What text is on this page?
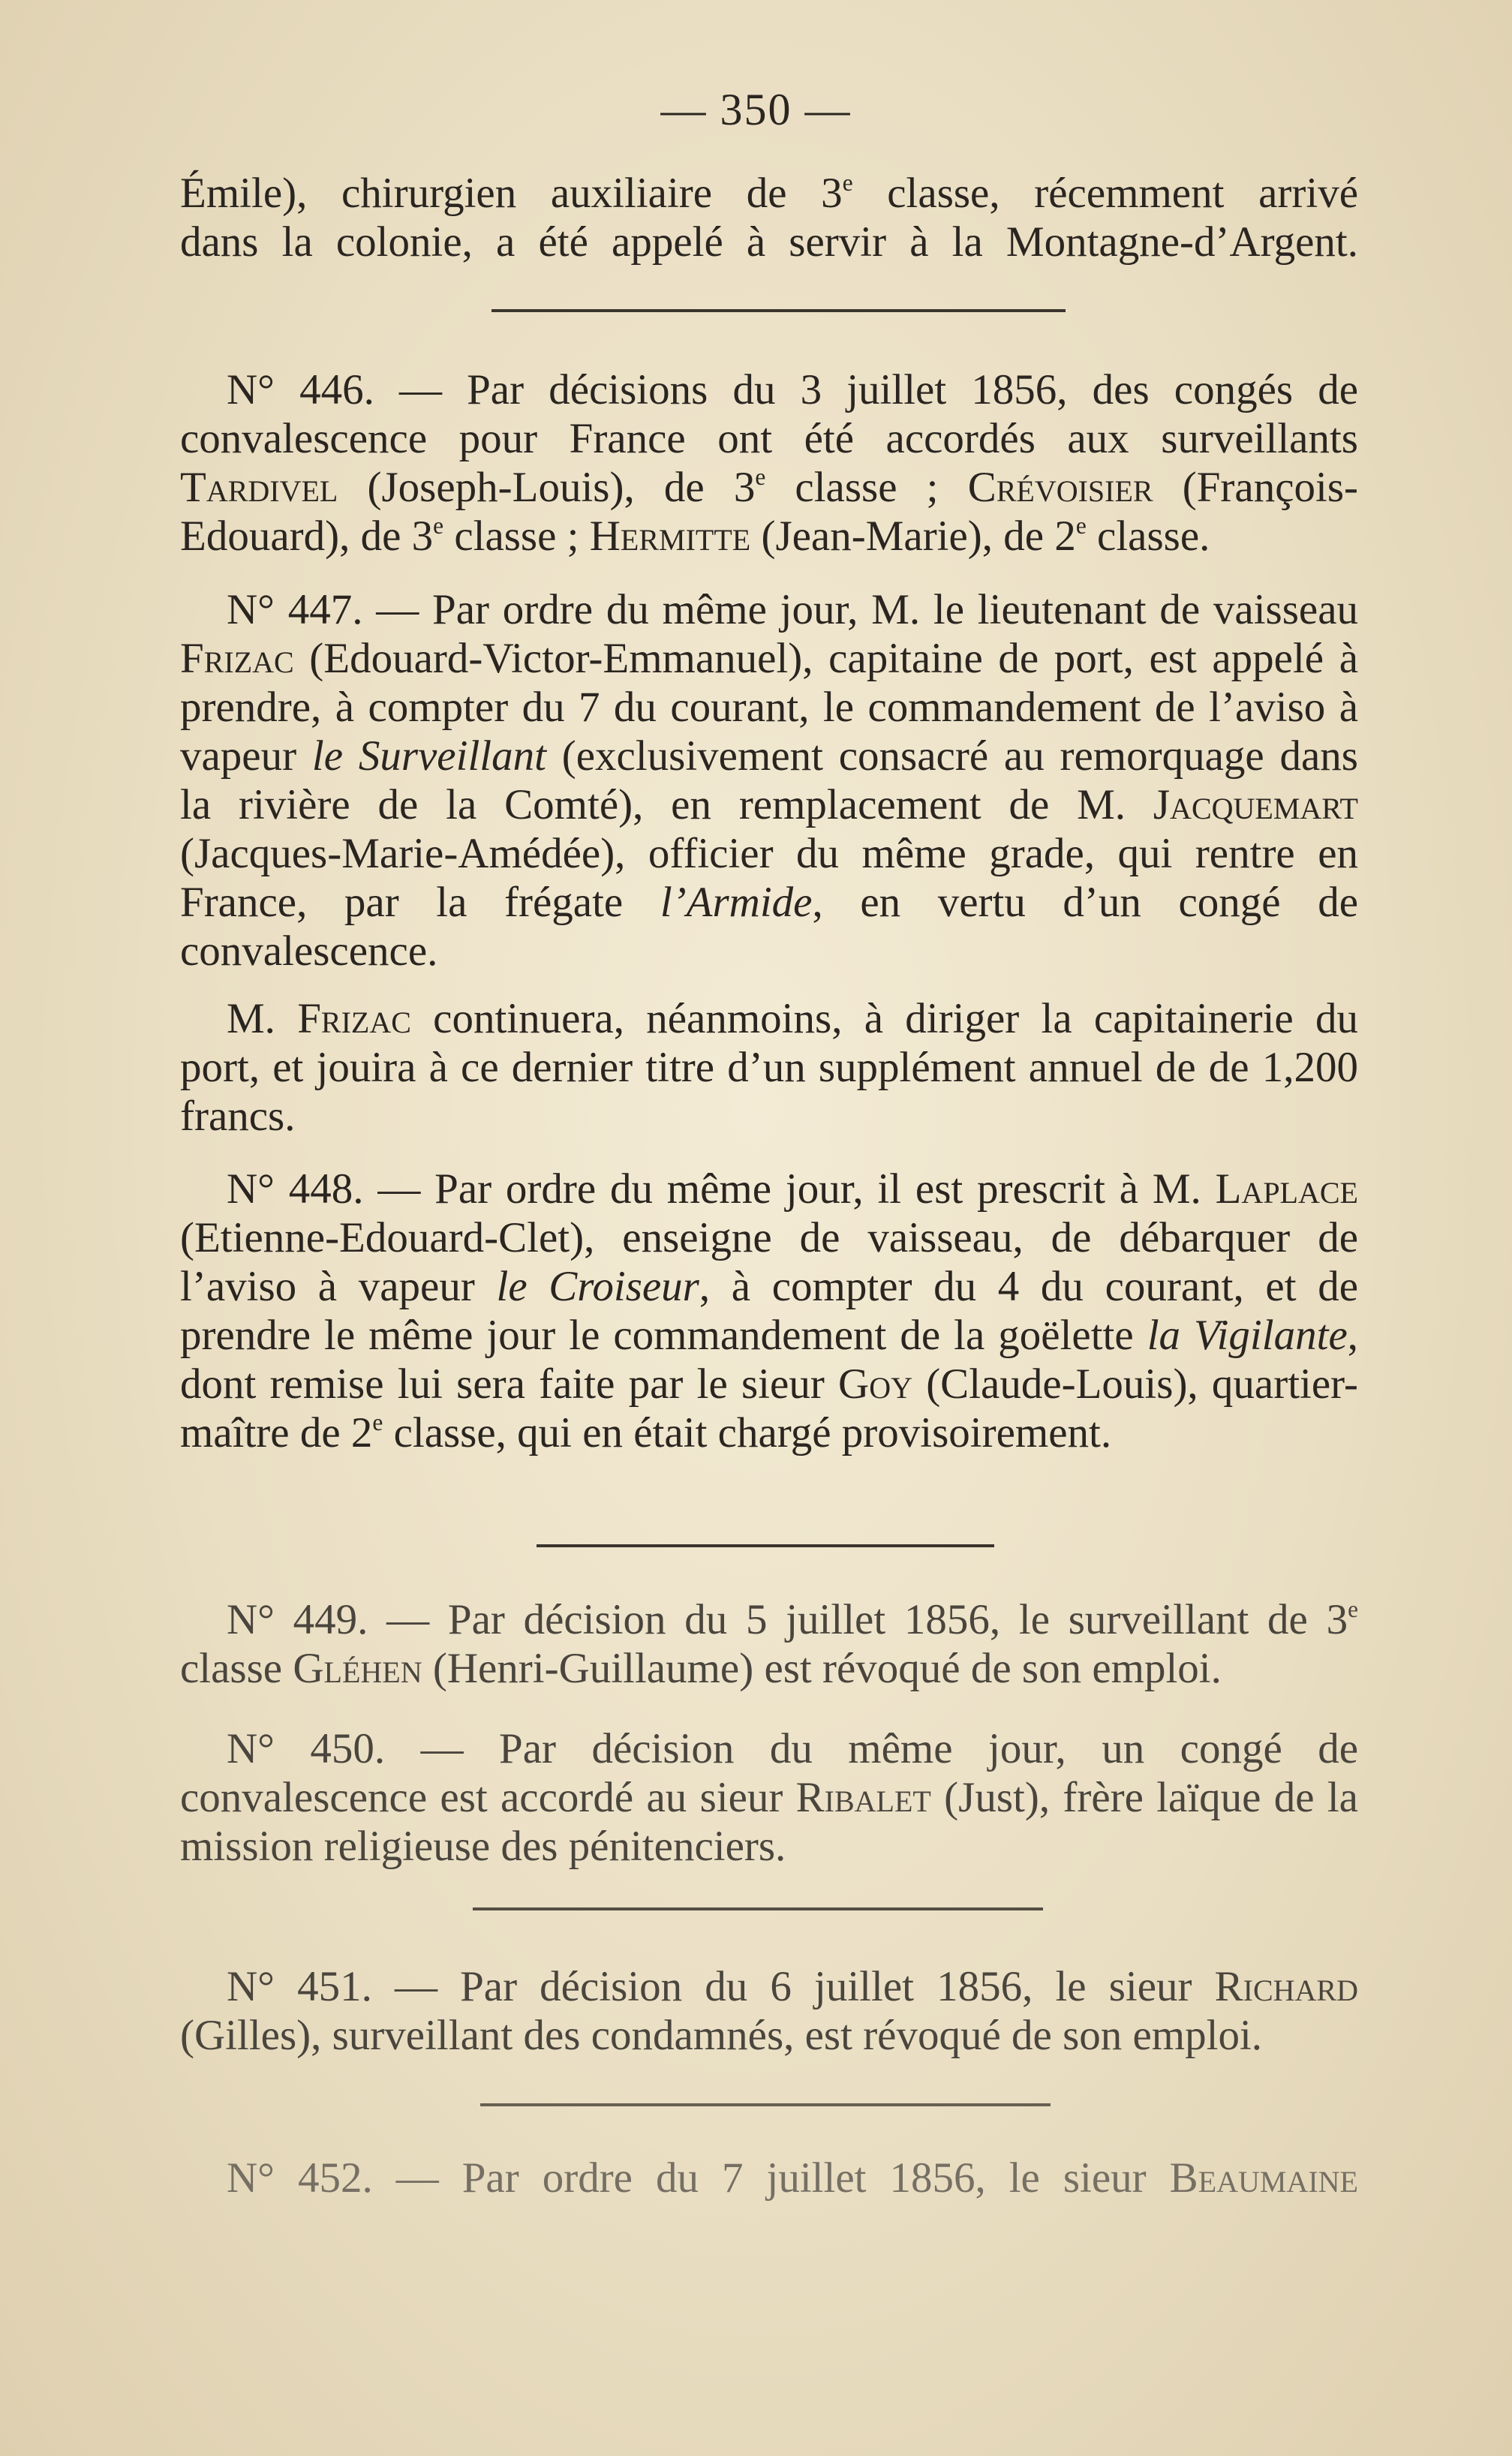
— 350 —

Émile), chirurgien auxiliaire de 3e classe, récemment arrivé

dans la colonie, a été appelé à servir à la Montagne-d’Argent.

N° 446. — Par décisions du 3 juillet 1856, des congés de convalescence pour France ont été accordés aux surveillants Tardivel (Joseph-Louis), de 3e classe ; Crévoisier (François-Edouard), de 3e classe ; Hermitte (Jean-Marie), de 2e classe.

N° 447. — Par ordre du même jour, M. le lieutenant de vaisseau Frizac (Edouard-Victor-Emmanuel), capitaine de port, est appelé à prendre, à compter du 7 du courant, le commandement de l’aviso à vapeur le Surveillant (exclusivement consacré au remorquage dans la rivière de la Comté), en remplacement de M. Jacquemart (Jacques-Marie-Amédée), officier du même grade, qui rentre en France, par la frégate l’Armide, en vertu d’un congé de convalescence.

M. Frizac continuera, néanmoins, à diriger la capitainerie du port, et jouira à ce dernier titre d’un supplément annuel de de 1,200 francs.

N° 448. — Par ordre du même jour, il est prescrit à M. Laplace (Etienne-Edouard-Clet), enseigne de vaisseau, de débarquer de l’aviso à vapeur le Croiseur, à compter du 4 du courant, et de prendre le même jour le commandement de la goëlette la Vigilante, dont remise lui sera faite par le sieur Goy (Claude-Louis), quartier-maître de 2e classe, qui en était chargé provisoirement.

N° 449. — Par décision du 5 juillet 1856, le surveillant de 3e classe Gléhen (Henri-Guillaume) est révoqué de son emploi.

N° 450. — Par décision du même jour, un congé de convalescence est accordé au sieur Ribalet (Just), frère laïque de la mission religieuse des pénitenciers.

N° 451. — Par décision du 6 juillet 1856, le sieur Richard (Gilles), surveillant des condamnés, est révoqué de son emploi.

N° 452. — Par ordre du 7 juillet 1856, le sieur Beaumaine
